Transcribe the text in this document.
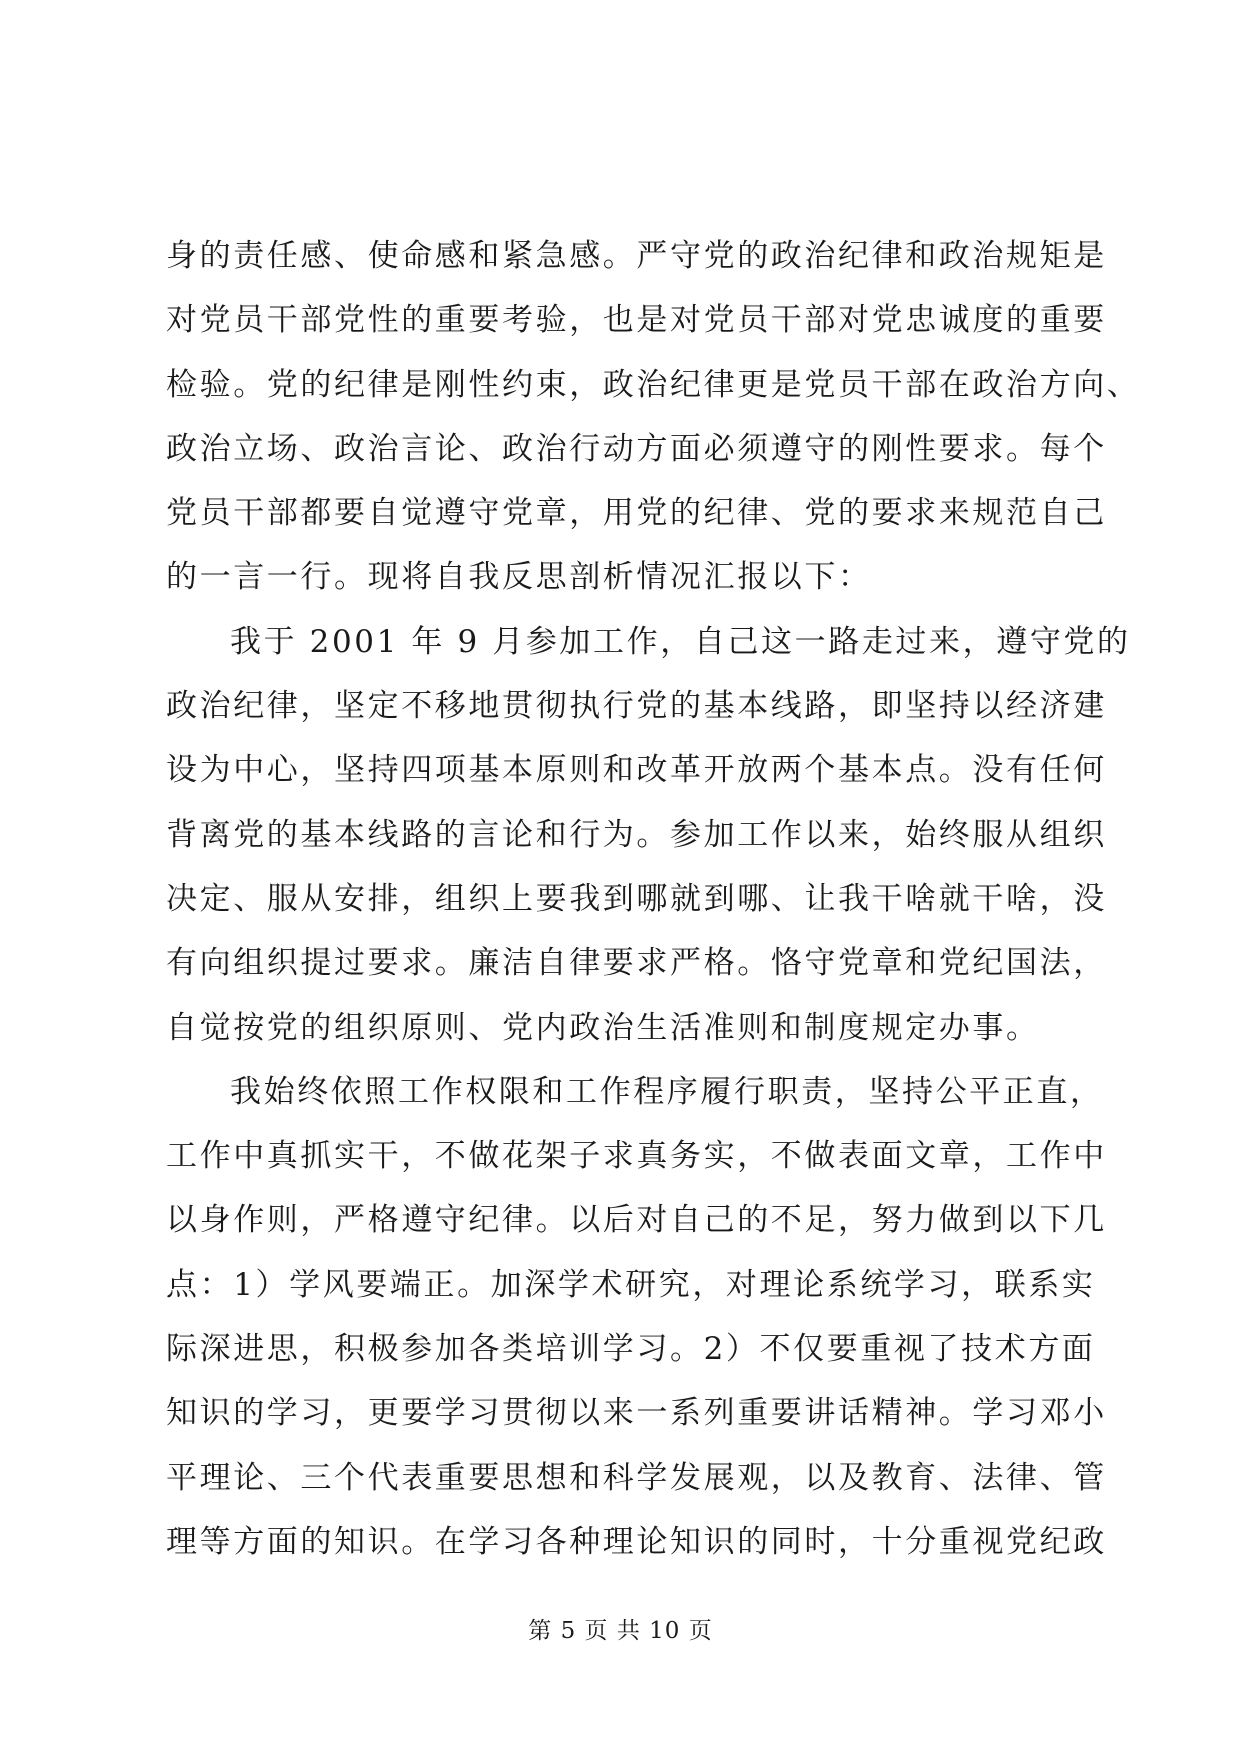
身的责任感、使命感和紧急感。严守党的政治纪律和政治规矩是
对党员干部党性的重要考验，也是对党员干部对党忠诚度的重要
检验。党的纪律是刚性约束，政治纪律更是党员干部在政治方向、
政治立场、政治言论、政治行动方面必须遵守的刚性要求。每个
党员干部都要自觉遵守党章，用党的纪律、党的要求来规范自己
的一言一行。现将自我反思剖析情况汇报以下：
我于 2001 年 9 月参加工作，自己这一路走过来，遵守党的
政治纪律，坚定不移地贯彻执行党的基本线路，即坚持以经济建
设为中心，坚持四项基本原则和改革开放两个基本点。没有任何
背离党的基本线路的言论和行为。参加工作以来，始终服从组织
决定、服从安排，组织上要我到哪就到哪、让我干啥就干啥，没
有向组织提过要求。廉洁自律要求严格。恪守党章和党纪国法，
自觉按党的组织原则、党内政治生活准则和制度规定办事。
我始终依照工作权限和工作程序履行职责，坚持公平正直，
工作中真抓实干，不做花架子求真务实，不做表面文章，工作中
以身作则，严格遵守纪律。以后对自己的不足，努力做到以下几
点：1）学风要端正。加深学术研究，对理论系统学习，联系实
际深进思，积极参加各类培训学习。2）不仅要重视了技术方面
知识的学习，更要学习贯彻以来一系列重要讲话精神。学习邓小
平理论、三个代表重要思想和科学发展观，以及教育、法律、管
理等方面的知识。在学习各种理论知识的同时，十分重视党纪政
第 5 页 共 10 页
